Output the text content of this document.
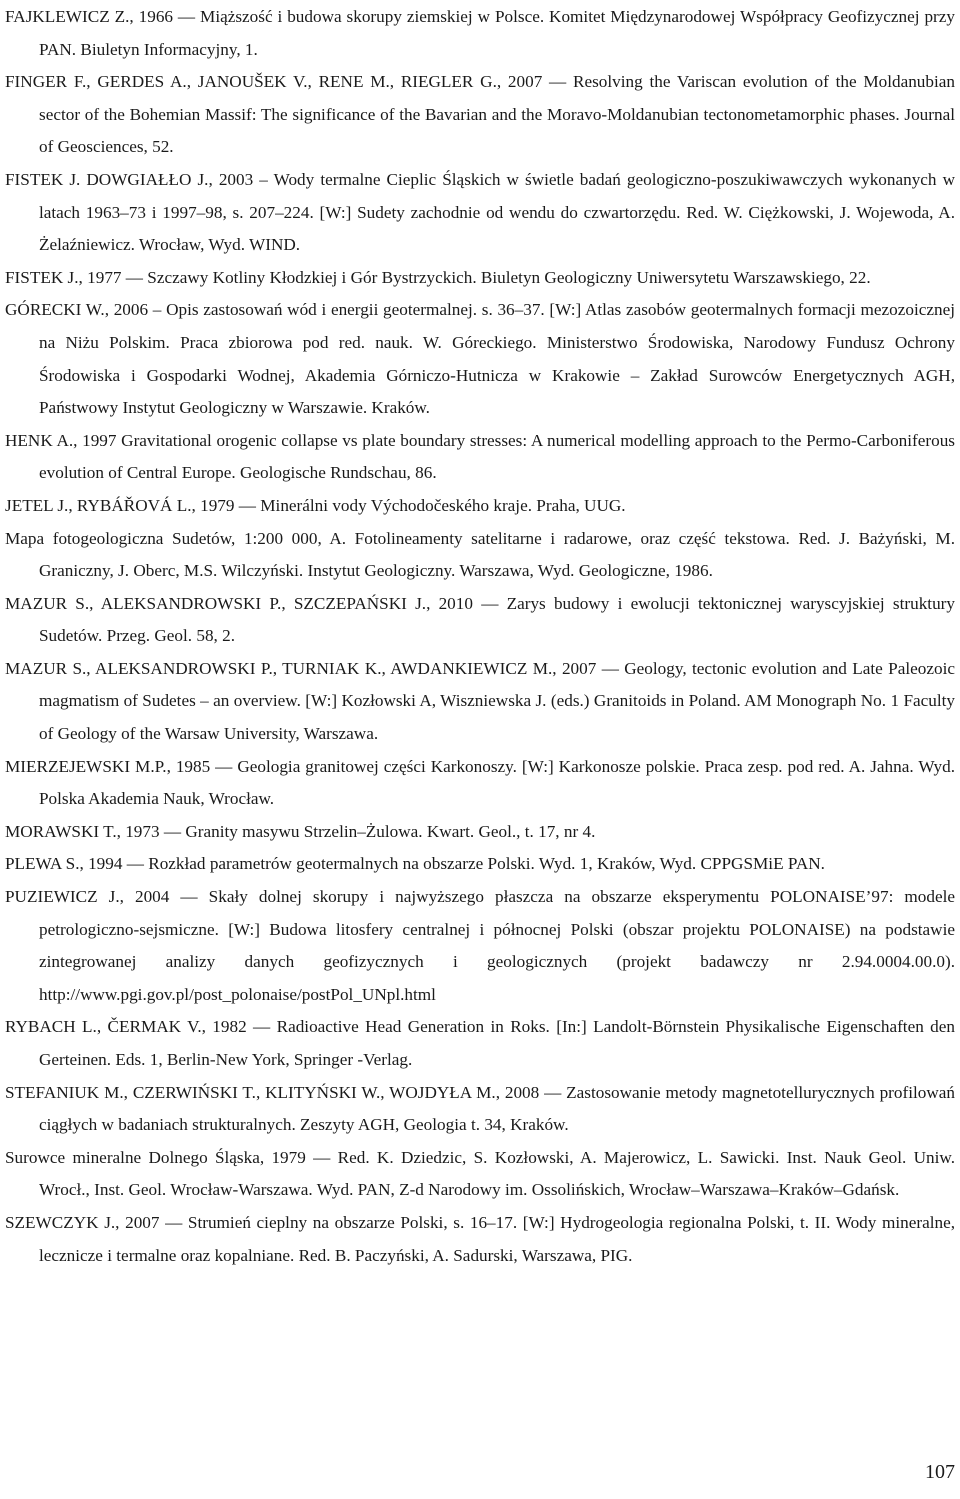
FAJKLEWICZ Z., 1966 — Miąższość i budowa skorupy ziemskiej w Polsce. Komitet Międzynarodowej Współpracy Geofizycznej przy PAN. Biuletyn Informacyjny, 1.

FINGER F., GERDES A., JANOUŠEK V., RENE M., RIEGLER G., 2007 — Resolving the Variscan evolution of the Moldanubian sector of the Bohemian Massif: The significance of the Bavarian and the Moravo-Moldanubian tectonometamorphic phases. Journal of Geosciences, 52.

FISTEK J. DOWGIAŁŁO J., 2003 – Wody termalne Cieplic Śląskich w świetle badań geologiczno-poszukiwawczych wykonanych w latach 1963–73 i 1997–98, s. 207–224. [W:] Sudety zachodnie od wendu do czwartorzędu. Red. W. Ciężkowski, J. Wojewoda, A. Żelaźniewicz. Wrocław, Wyd. WIND.

FISTEK J., 1977 — Szczawy Kotliny Kłodzkiej i Gór Bystrzyckich. Biuletyn Geologiczny Uniwersytetu Warszawskiego, 22.

GÓRECKI W., 2006 – Opis zastosowań wód i energii geotermalnej. s. 36–37. [W:] Atlas zasobów geotermalnych formacji mezozoicznej na Niżu Polskim. Praca zbiorowa pod red. nauk. W. Góreckiego. Ministerstwo Środowiska, Narodowy Fundusz Ochrony Środowiska i Gospodarki Wodnej, Akademia Górniczo-Hutnicza w Krakowie – Zakład Surowców Energetycznych AGH, Państwowy Instytut Geologiczny w Warszawie. Kraków.

HENK A., 1997 Gravitational orogenic collapse vs plate boundary stresses: A numerical modelling approach to the Permo-Carboniferous evolution of Central Europe. Geologische Rundschau, 86.

JETEL J., RYBÁŘOVÁ L., 1979 — Minerálni vody Východočeského kraje. Praha, UUG.

Mapa fotogeologiczna Sudetów, 1:200 000, A. Fotolineamenty satelitarne i radarowe, oraz część tekstowa. Red. J. Bażyński, M. Graniczny, J. Oberc, M.S. Wilczyński. Instytut Geologiczny. Warszawa, Wyd. Geologiczne, 1986.

MAZUR S., ALEKSANDROWSKI P., SZCZEPAŃSKI J., 2010 — Zarys budowy i ewolucji tektonicznej waryscyjskiej struktury Sudetów. Przeg. Geol. 58, 2.

MAZUR S., ALEKSANDROWSKI P., TURNIAK K., AWDANKIEWICZ M., 2007 — Geology, tectonic evolution and Late Paleozoic magmatism of Sudetes – an overview. [W:] Kozłowski A, Wiszniewska J. (eds.) Granitoids in Poland. AM Monograph No. 1 Faculty of Geology of the Warsaw University, Warszawa.

MIERZEJEWSKI M.P., 1985 — Geologia granitowej części Karkonoszy. [W:] Karkonosze polskie. Praca zesp. pod red. A. Jahna. Wyd. Polska Akademia Nauk, Wrocław.

MORAWSKI T., 1973 — Granity masywu Strzelin–Żulowa. Kwart. Geol., t. 17, nr 4.

PLEWA S., 1994 — Rozkład parametrów geotermalnych na obszarze Polski. Wyd. 1, Kraków, Wyd. CPPGSMiE PAN.

PUZIEWICZ J., 2004 — Skały dolnej skorupy i najwyższego płaszcza na obszarze eksperymentu POLONAISE’97: modele petrologiczno-sejsmiczne. [W:] Budowa litosfery centralnej i północnej Polski (obszar projektu POLONAISE) na podstawie zintegrowanej analizy danych geofizycznych i geologicznych (projekt badawczy nr 2.94.0004.00.0). http://www.pgi.gov.pl/post_polonaise/postPol_UNpl.html

RYBACH L., ČERMAK V., 1982 — Radioactive Head Generation in Roks. [In:] Landolt-Börnstein Physikalische Eigenschaften den Gerteinen. Eds. 1, Berlin-New York, Springer -Verlag.

STEFANIUK M., CZERWIŃSKI T., KLITYŃSKI W., WOJDYŁA M., 2008 — Zastosowanie metody magnetotellurycznych profilowań ciągłych w badaniach strukturalnych. Zeszyty AGH, Geologia t. 34, Kraków.

Surowce mineralne Dolnego Śląska, 1979 — Red. K. Dziedzic, S. Kozłowski, A. Majerowicz, L. Sawicki. Inst. Nauk Geol. Uniw. Wrocł., Inst. Geol. Wrocław-Warszawa. Wyd. PAN, Z-d Narodowy im. Ossolińskich, Wrocław–Warszawa–Kraków–Gdańsk.

SZEWCZYK J., 2007 — Strumień cieplny na obszarze Polski, s. 16–17. [W:] Hydrogeologia regionalna Polski, t. II. Wody mineralne, lecznicze i termalne oraz kopalniane. Red. B. Paczyński, A. Sadurski, Warszawa, PIG.

107
